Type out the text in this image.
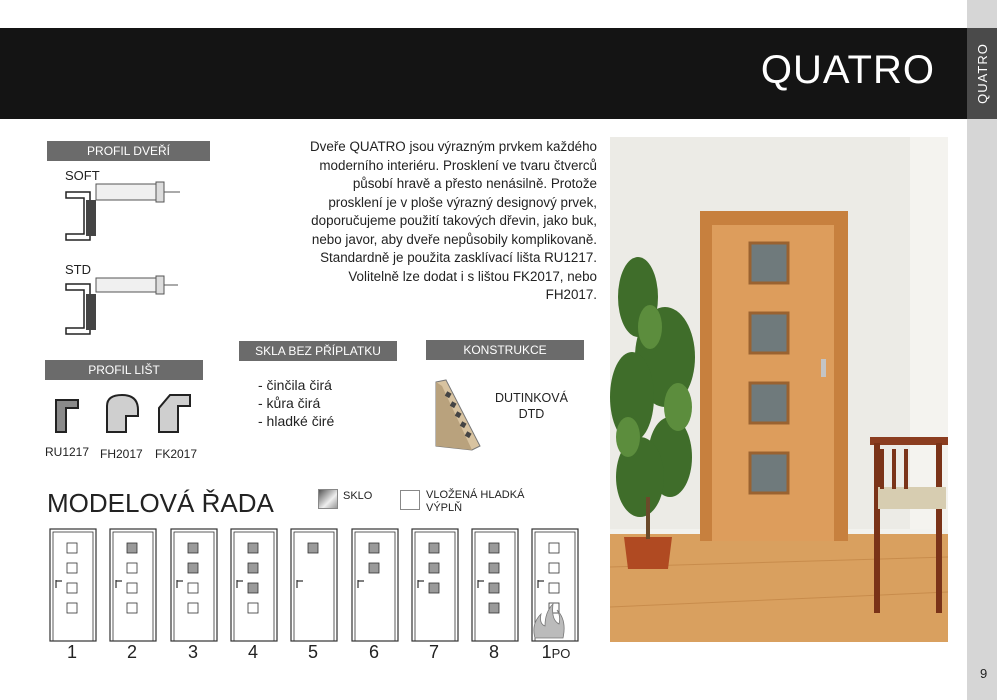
QUATRO	QUATRO
9
PROFIL DVEŘÍ
SOFT
STD
Dveře QUATRO jsou výrazným prvkem každého moderního interiéru. Prosklení ve tvaru čtverců působí hravě a přesto nenásilně. Protože prosklení je v ploše výrazný designový prvek, doporučujeme použití takových dřevin, jako buk, nebo javor, aby dveře nepůsobily komplikovaně. Standardně je použita zasklívací lišta RU1217. Volitelně lze dodat i s lištou FK2017, nebo FH2017.
PROFIL LIŠT
RU1217 FH2017 FK2017
SKLA BEZ PŘÍPLATKU
- činčila čirá
- kůra čirá
- hladké čiré
KONSTRUKCE
DUTINKOVÁ
DTD
MODELOVÁ ŘADA	SKLO	VLOŽENÁ HLADKÁ
VÝPLŇ
1	2	3	4	5	6	7	8	1PO
